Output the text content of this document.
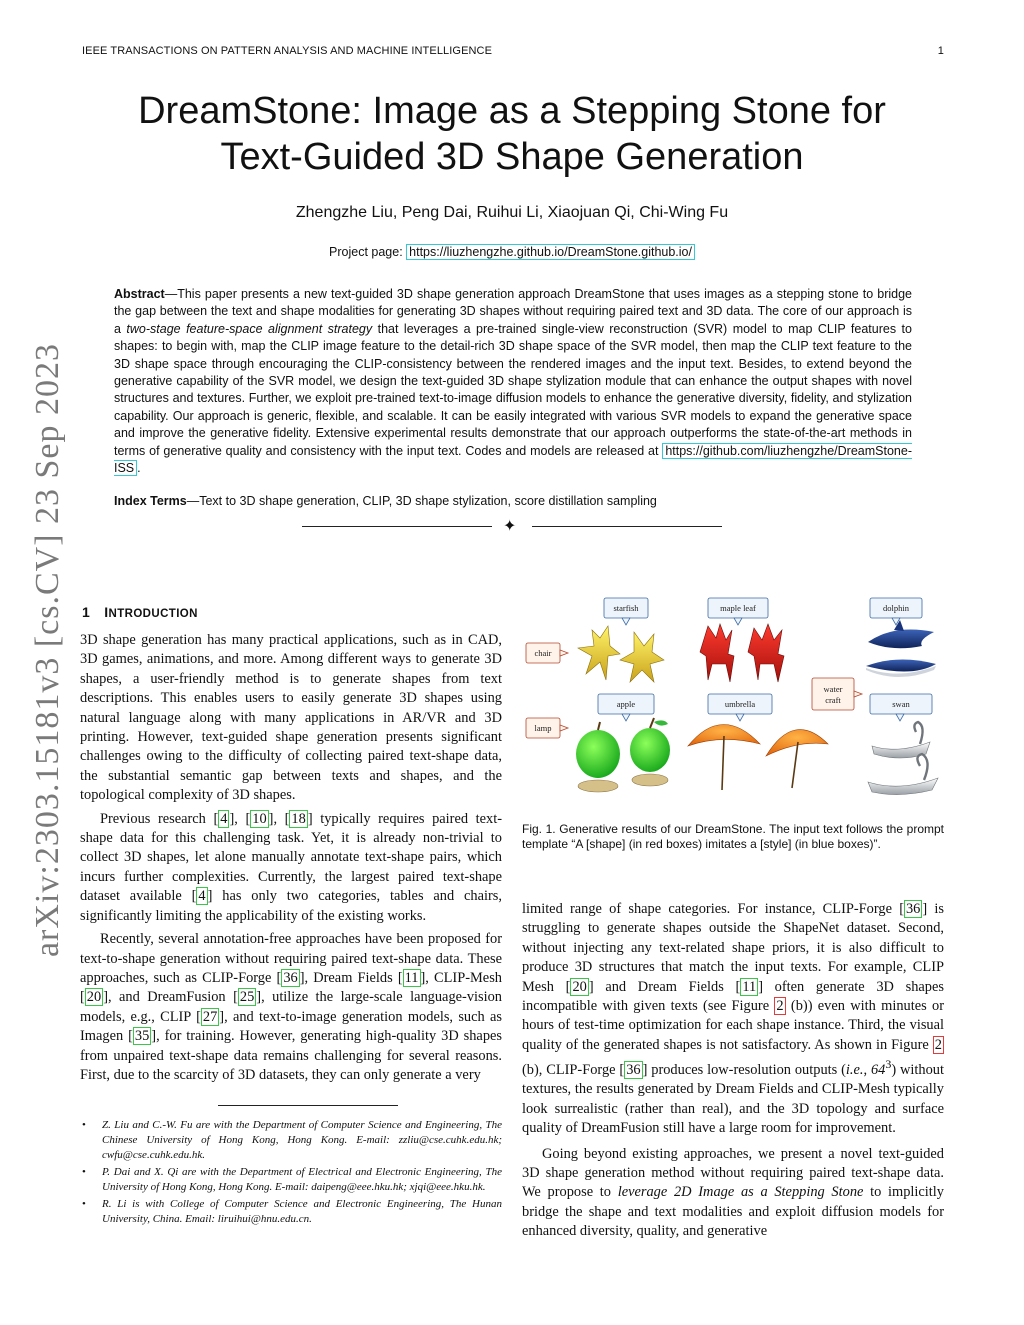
IEEE TRANSACTIONS ON PATTERN ANALYSIS AND MACHINE INTELLIGENCE	1
arXiv:2303.15181v3 [cs.CV] 23 Sep 2023
DreamStone: Image as a Stepping Stone for
Text-Guided 3D Shape Generation
Zhengzhe Liu, Peng Dai, Ruihui Li, Xiaojuan Qi, Chi-Wing Fu
Project page: https://liuzhengzhe.github.io/DreamStone.github.io/
Abstract—This paper presents a new text-guided 3D shape generation approach DreamStone that uses images as a stepping stone to bridge the gap between the text and shape modalities for generating 3D shapes without requiring paired text and 3D data. The core of our approach is a two-stage feature-space alignment strategy that leverages a pre-trained single-view reconstruction (SVR) model to map CLIP features to shapes: to begin with, map the CLIP image feature to the detail-rich 3D shape space of the SVR model, then map the CLIP text feature to the 3D shape space through encouraging the CLIP-consistency between the rendered images and the input text. Besides, to extend beyond the generative capability of the SVR model, we design the text-guided 3D shape stylization module that can enhance the output shapes with novel structures and textures. Further, we exploit pre-trained text-to-image diffusion models to enhance the generative diversity, fidelity, and stylization capability. Our approach is generic, flexible, and scalable. It can be easily integrated with various SVR models to expand the generative space and improve the generative fidelity. Extensive experimental results demonstrate that our approach outperforms the state-of-the-art methods in terms of generative quality and consistency with the input text. Codes and models are released at https://github.com/liuzhengzhe/DreamStone-ISS .
Index Terms—Text to 3D shape generation, CLIP, 3D shape stylization, score distillation sampling
✦
1 INTRODUCTION

3D shape generation has many practical applications, such as in CAD, 3D games, animations, and more. Among different ways to generate 3D shapes, a user-friendly method is to generate shapes from text descriptions. This enables users to easily generate 3D shapes using natural language along with many applications in AR/VR and 3D printing. However, text-guided shape generation presents significant challenges owing to the difficulty of collecting paired text-shape data, the substantial semantic gap between texts and shapes, and the topological complexity of 3D shapes.

Previous research [ 4 ], [ 10 ], [ 18 ] typically requires paired text-shape data for this challenging task. Yet, it is already non-trivial to collect 3D shapes, let alone manually annotate text-shape pairs, which incurs further complexities. Currently, the largest paired text-shape dataset available [ 4 ] has only two categories, tables and chairs, significantly limiting the applicability of the existing works.

Recently, several annotation-free approaches have been proposed for text-to-shape generation without requiring paired text-shape data. These approaches, such as CLIP-Forge [ 36 ], Dream Fields [ 11 ], CLIP-Mesh [ 20 ], and DreamFusion [ 25 ], utilize the large-scale language-vision models, e.g., CLIP [ 27 ], and text-to-image generation models, such as Imagen [ 35 ], for training. However, generating high-quality 3D shapes from unpaired text-shape data remains challenging for several reasons. First, due to the scarcity of 3D datasets, they can only generate a very

• Z. Liu and C.-W. Fu are with the Department of Computer Science and Engineering, The Chinese University of Hong Kong, Hong Kong. E-mail: zzliu@cse.cuhk.edu.hk; cwfu@cse.cuhk.edu.hk.
• P. Dai and X. Qi are with the Department of Electrical and Electronic Engineering, The University of Hong Kong, Hong Kong. E-mail: daipeng@eee.hku.hk; xjqi@eee.hku.hk.
• R. Li is with College of Computer Science and Electronic Engineering, The Hunan University, China. Email: liruihui@hnu.edu.cn.
chair
lamp
water
craft
starfish	maple leaf	dolphin
apple	umbrella	swan
Fig. 1. Generative results of our DreamStone. The input text follows the prompt template “A [shape] (in red boxes) imitates a [style] (in blue boxes)”.

limited range of shape categories. For instance, CLIP-Forge [ 36 ] is struggling to generate shapes outside the ShapeNet dataset. Second, without injecting any text-related shape priors, it is also difficult to produce 3D structures that match the input texts. For example, CLIP Mesh [ 20 ] and Dream Fields [ 11 ] often generate 3D shapes incompatible with given texts (see Figure 2 (b)) even with minutes or hours of test-time optimization for each shape instance. Third, the visual quality of the generated shapes is not satisfactory. As shown in Figure 2 (b), CLIP-Forge [ 36 ] produces low-resolution outputs (i.e., $64^3$) without textures, the results generated by Dream Fields and CLIP-Mesh typically look surrealistic (rather than real), and the 3D topology and surface quality of DreamFusion still have a large room for improvement.

Going beyond existing approaches, we present a novel text-guided 3D shape generation method without requiring paired text-shape data. We propose to leverage 2D Image as a Stepping Stone to implicitly bridge the shape and text modalities and exploit diffusion models for enhanced diversity, quality, and generative
